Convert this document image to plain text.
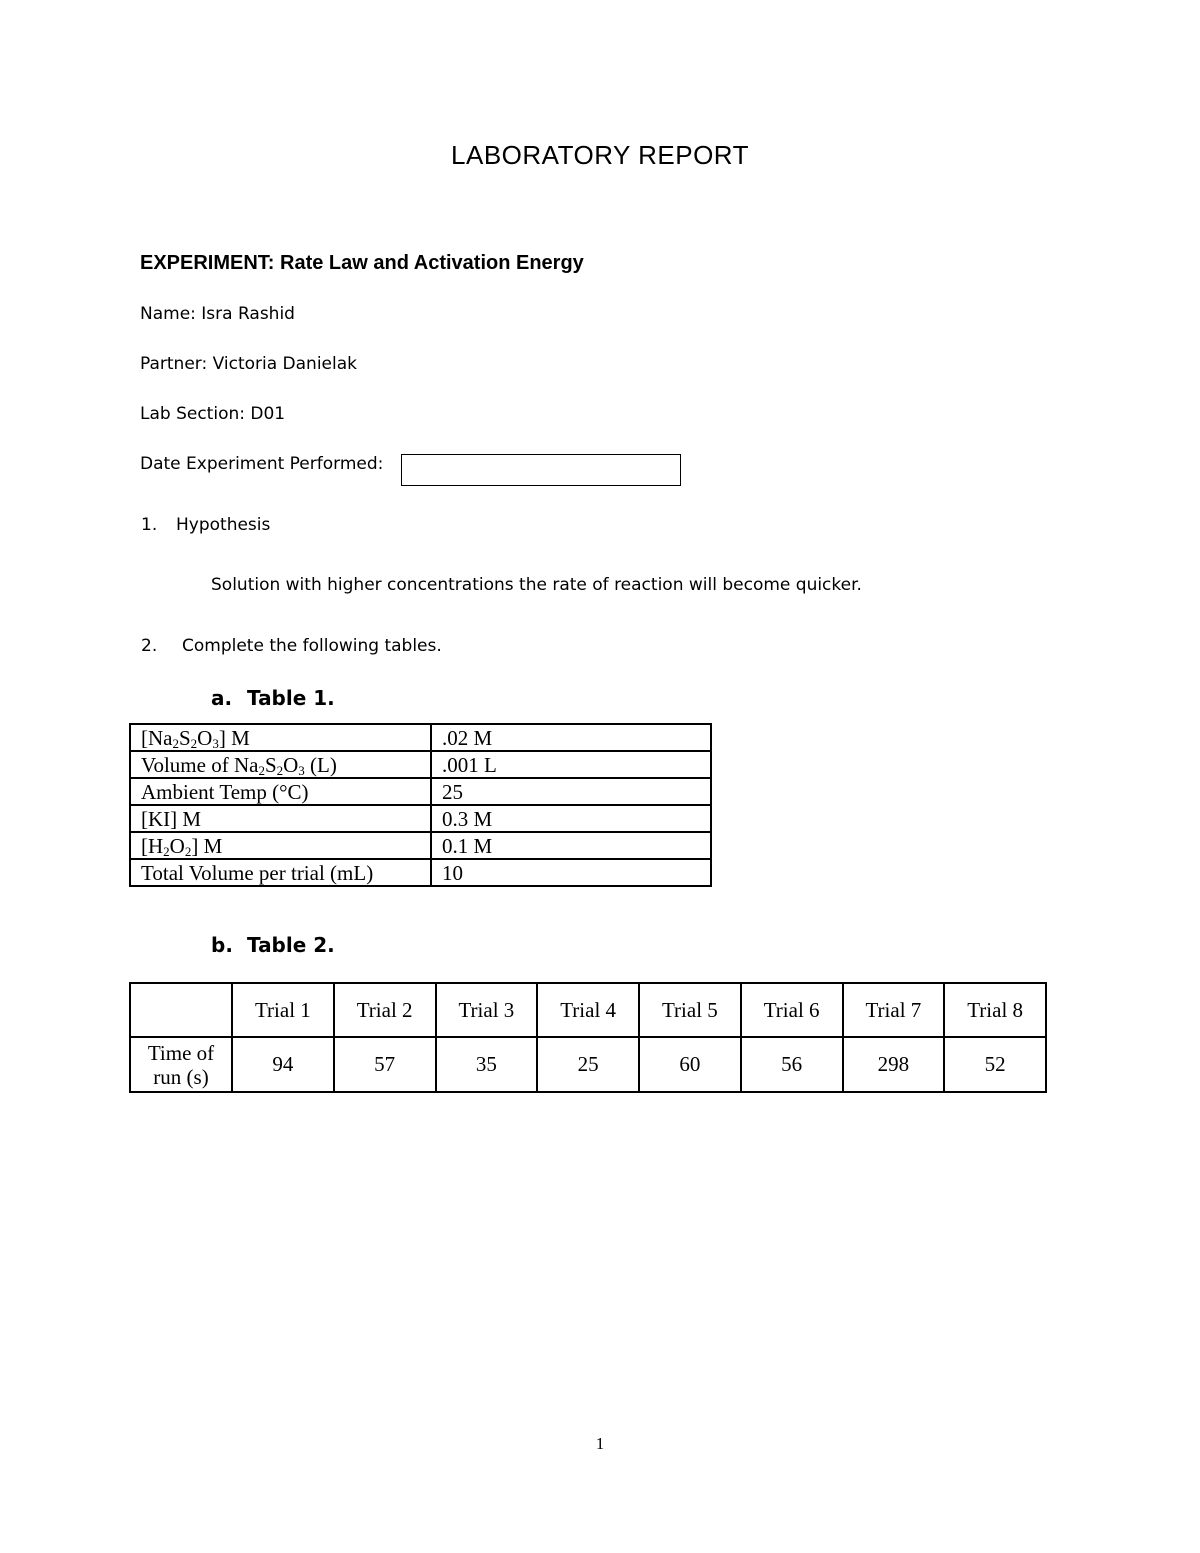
LABORATORY REPORT
EXPERIMENT: Rate Law and Activation Energy
Name: Isra Rashid
Partner: Victoria Danielak
Lab Section: D01
Date Experiment Performed:
1. Hypothesis
Solution with higher concentrations the rate of reaction will become quicker.
2. Complete the following tables.
a. Table 1.
$[Na_2S_2O_3]$ M	.02 M
Volume of $Na_2S_2O_3$ (L)	.001 L
Ambient Temp (°C)	25
[KI] M	0.3 M
$[H_2O_2]$ M	0.1 M
Total Volume per trial (mL)	10
b. Table 2.
	Trial 1	Trial 2	Trial 3	Trial 4	Trial 5	Trial 6	Trial 7	Trial 8
Time of
run (s)	94	57	35	25	60	56	298	52
1
